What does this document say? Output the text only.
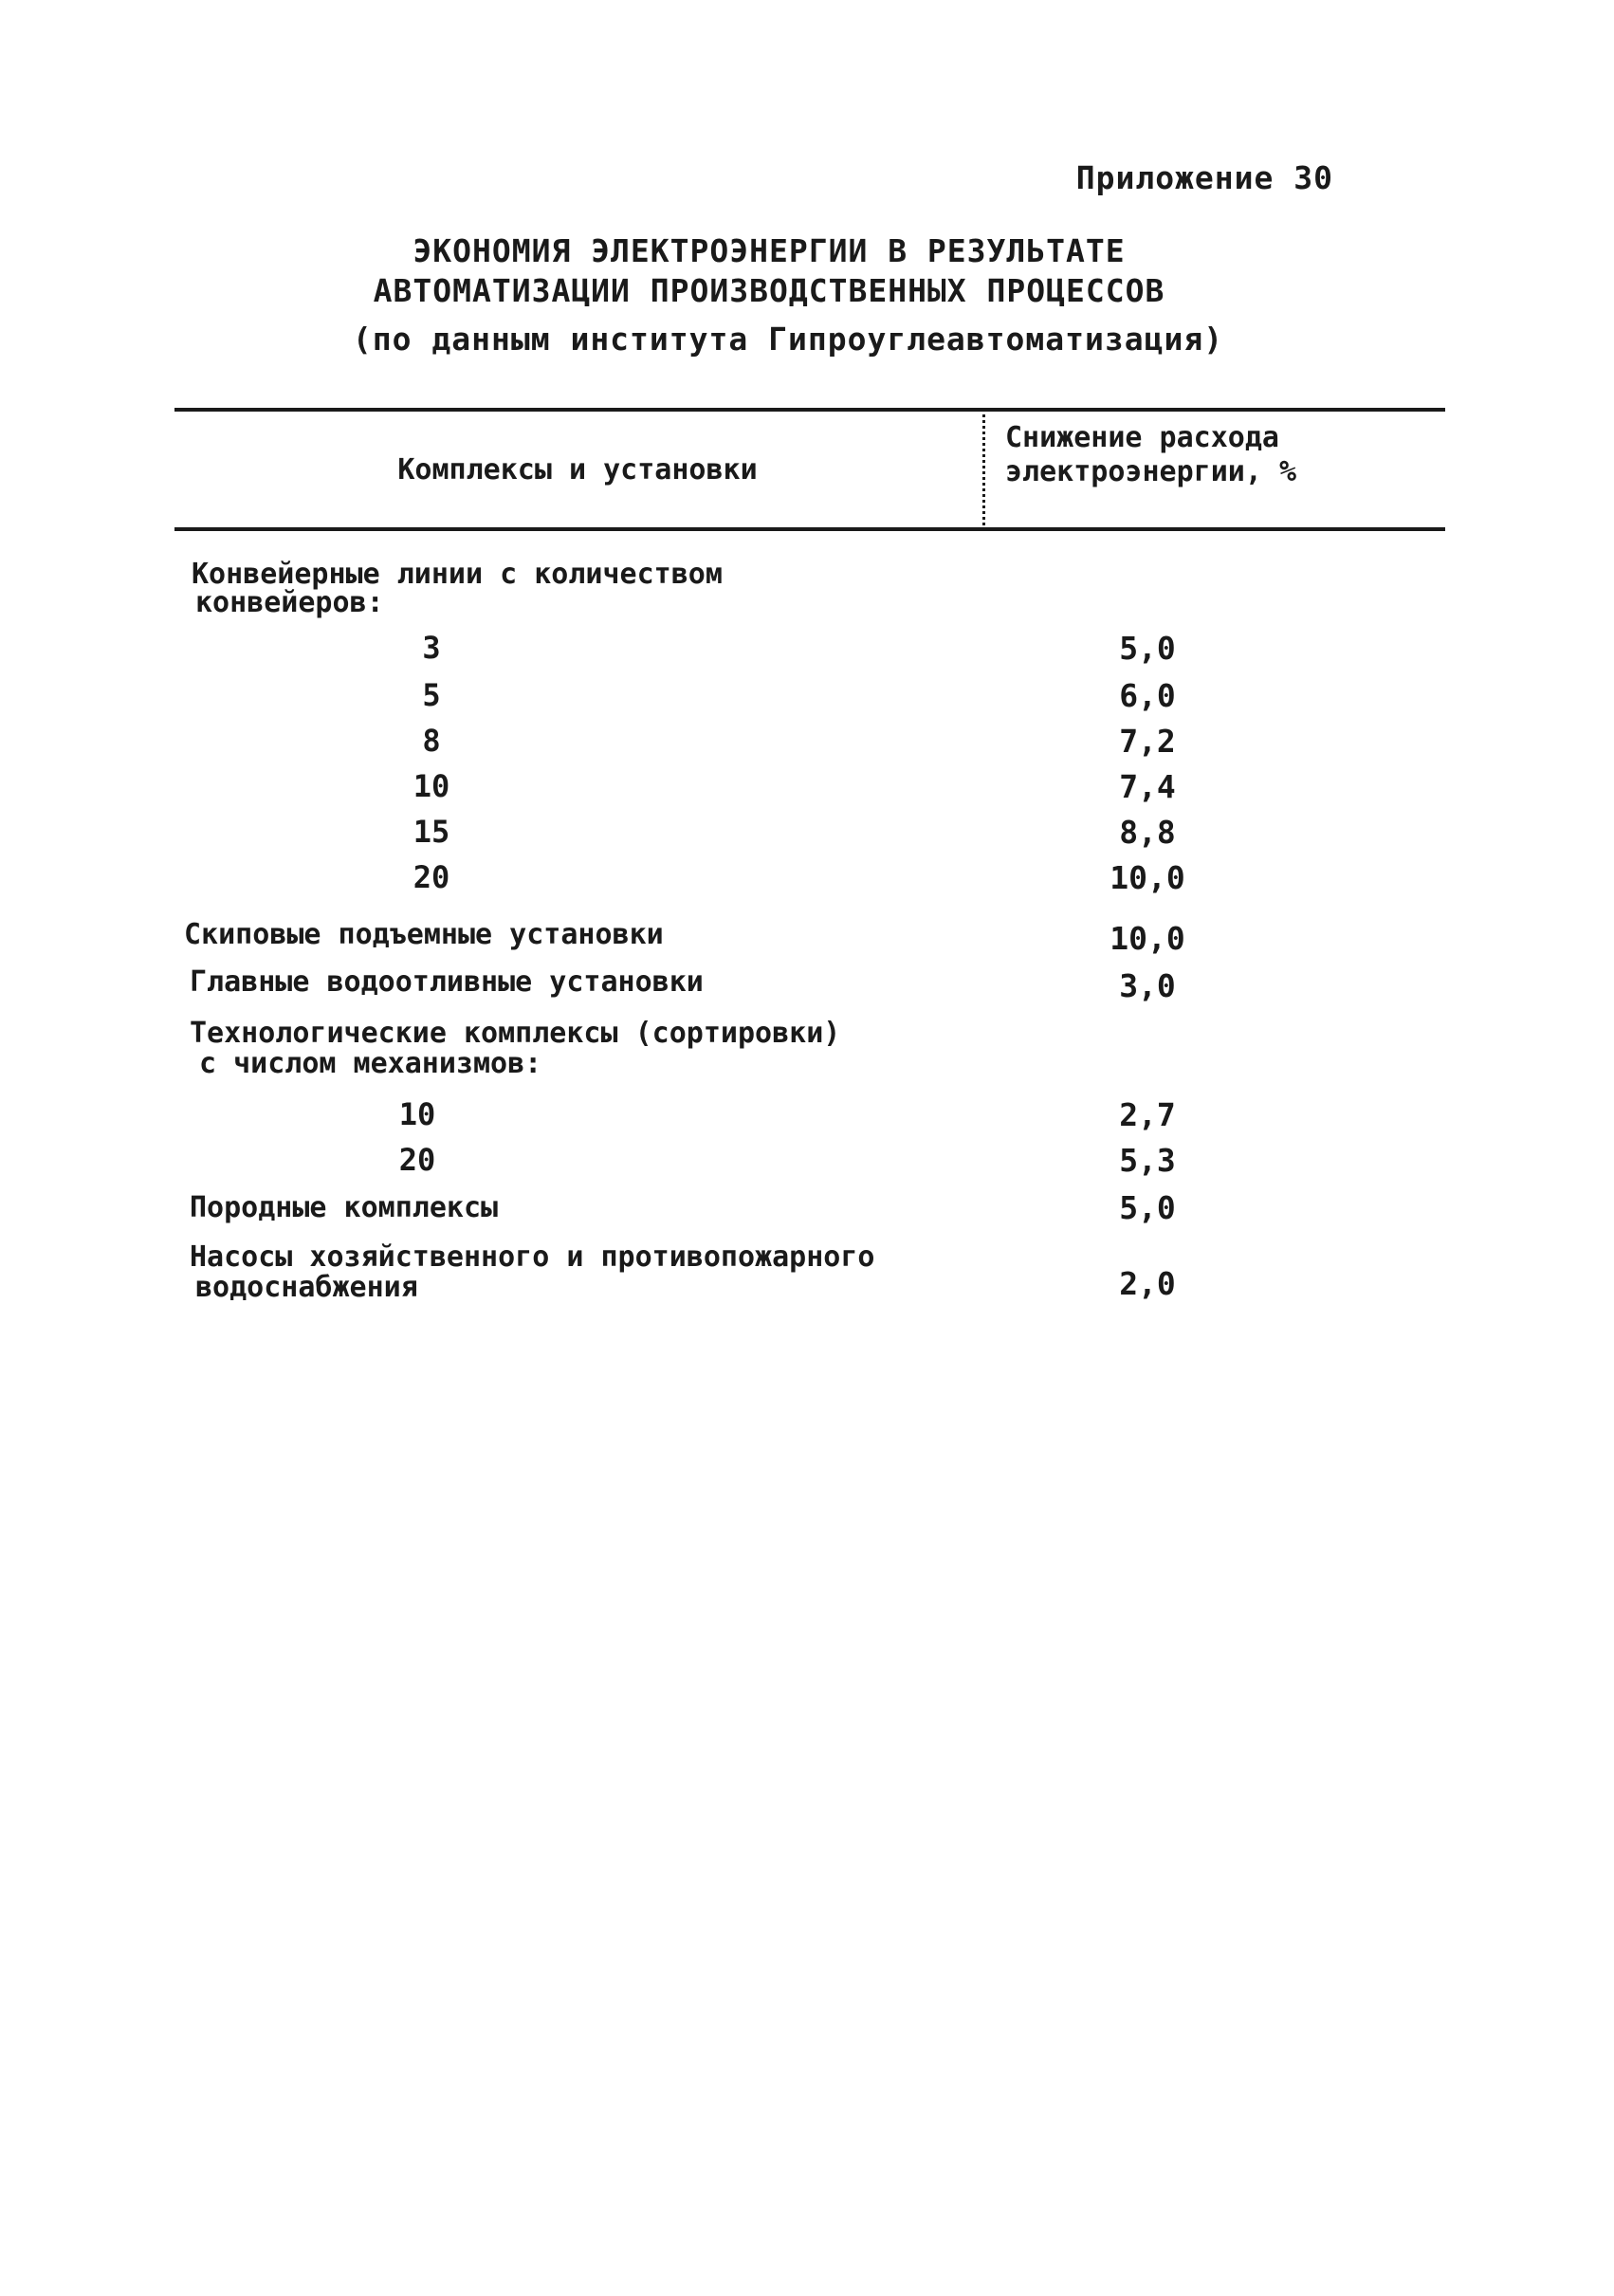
Приложение 30
ЭКОНОМИЯ ЭЛЕКТРОЭНЕРГИИ В РЕЗУЛЬТАТЕ
АВТОМАТИЗАЦИИ ПРОИЗВОДСТВЕННЫХ ПРОЦЕССОВ
(по данным института Гипроуглеавтоматизация)
Комплексы и установки
Снижение расхода
электроэнергии, %
Конвейерные линии с количеством
конвейеров:
3	5,0
5	6,0
8	7,2
10	7,4
15	8,8
20	10,0
Скиповые подъемные установки	10,0
Главные водоотливные установки	3,0
Технологические комплексы (сортировки)
с числом механизмов:
10	2,7
20	5,3
Породные комплексы	5,0
Насосы хозяйственного и противопожарного
водоснабжения	2,0
